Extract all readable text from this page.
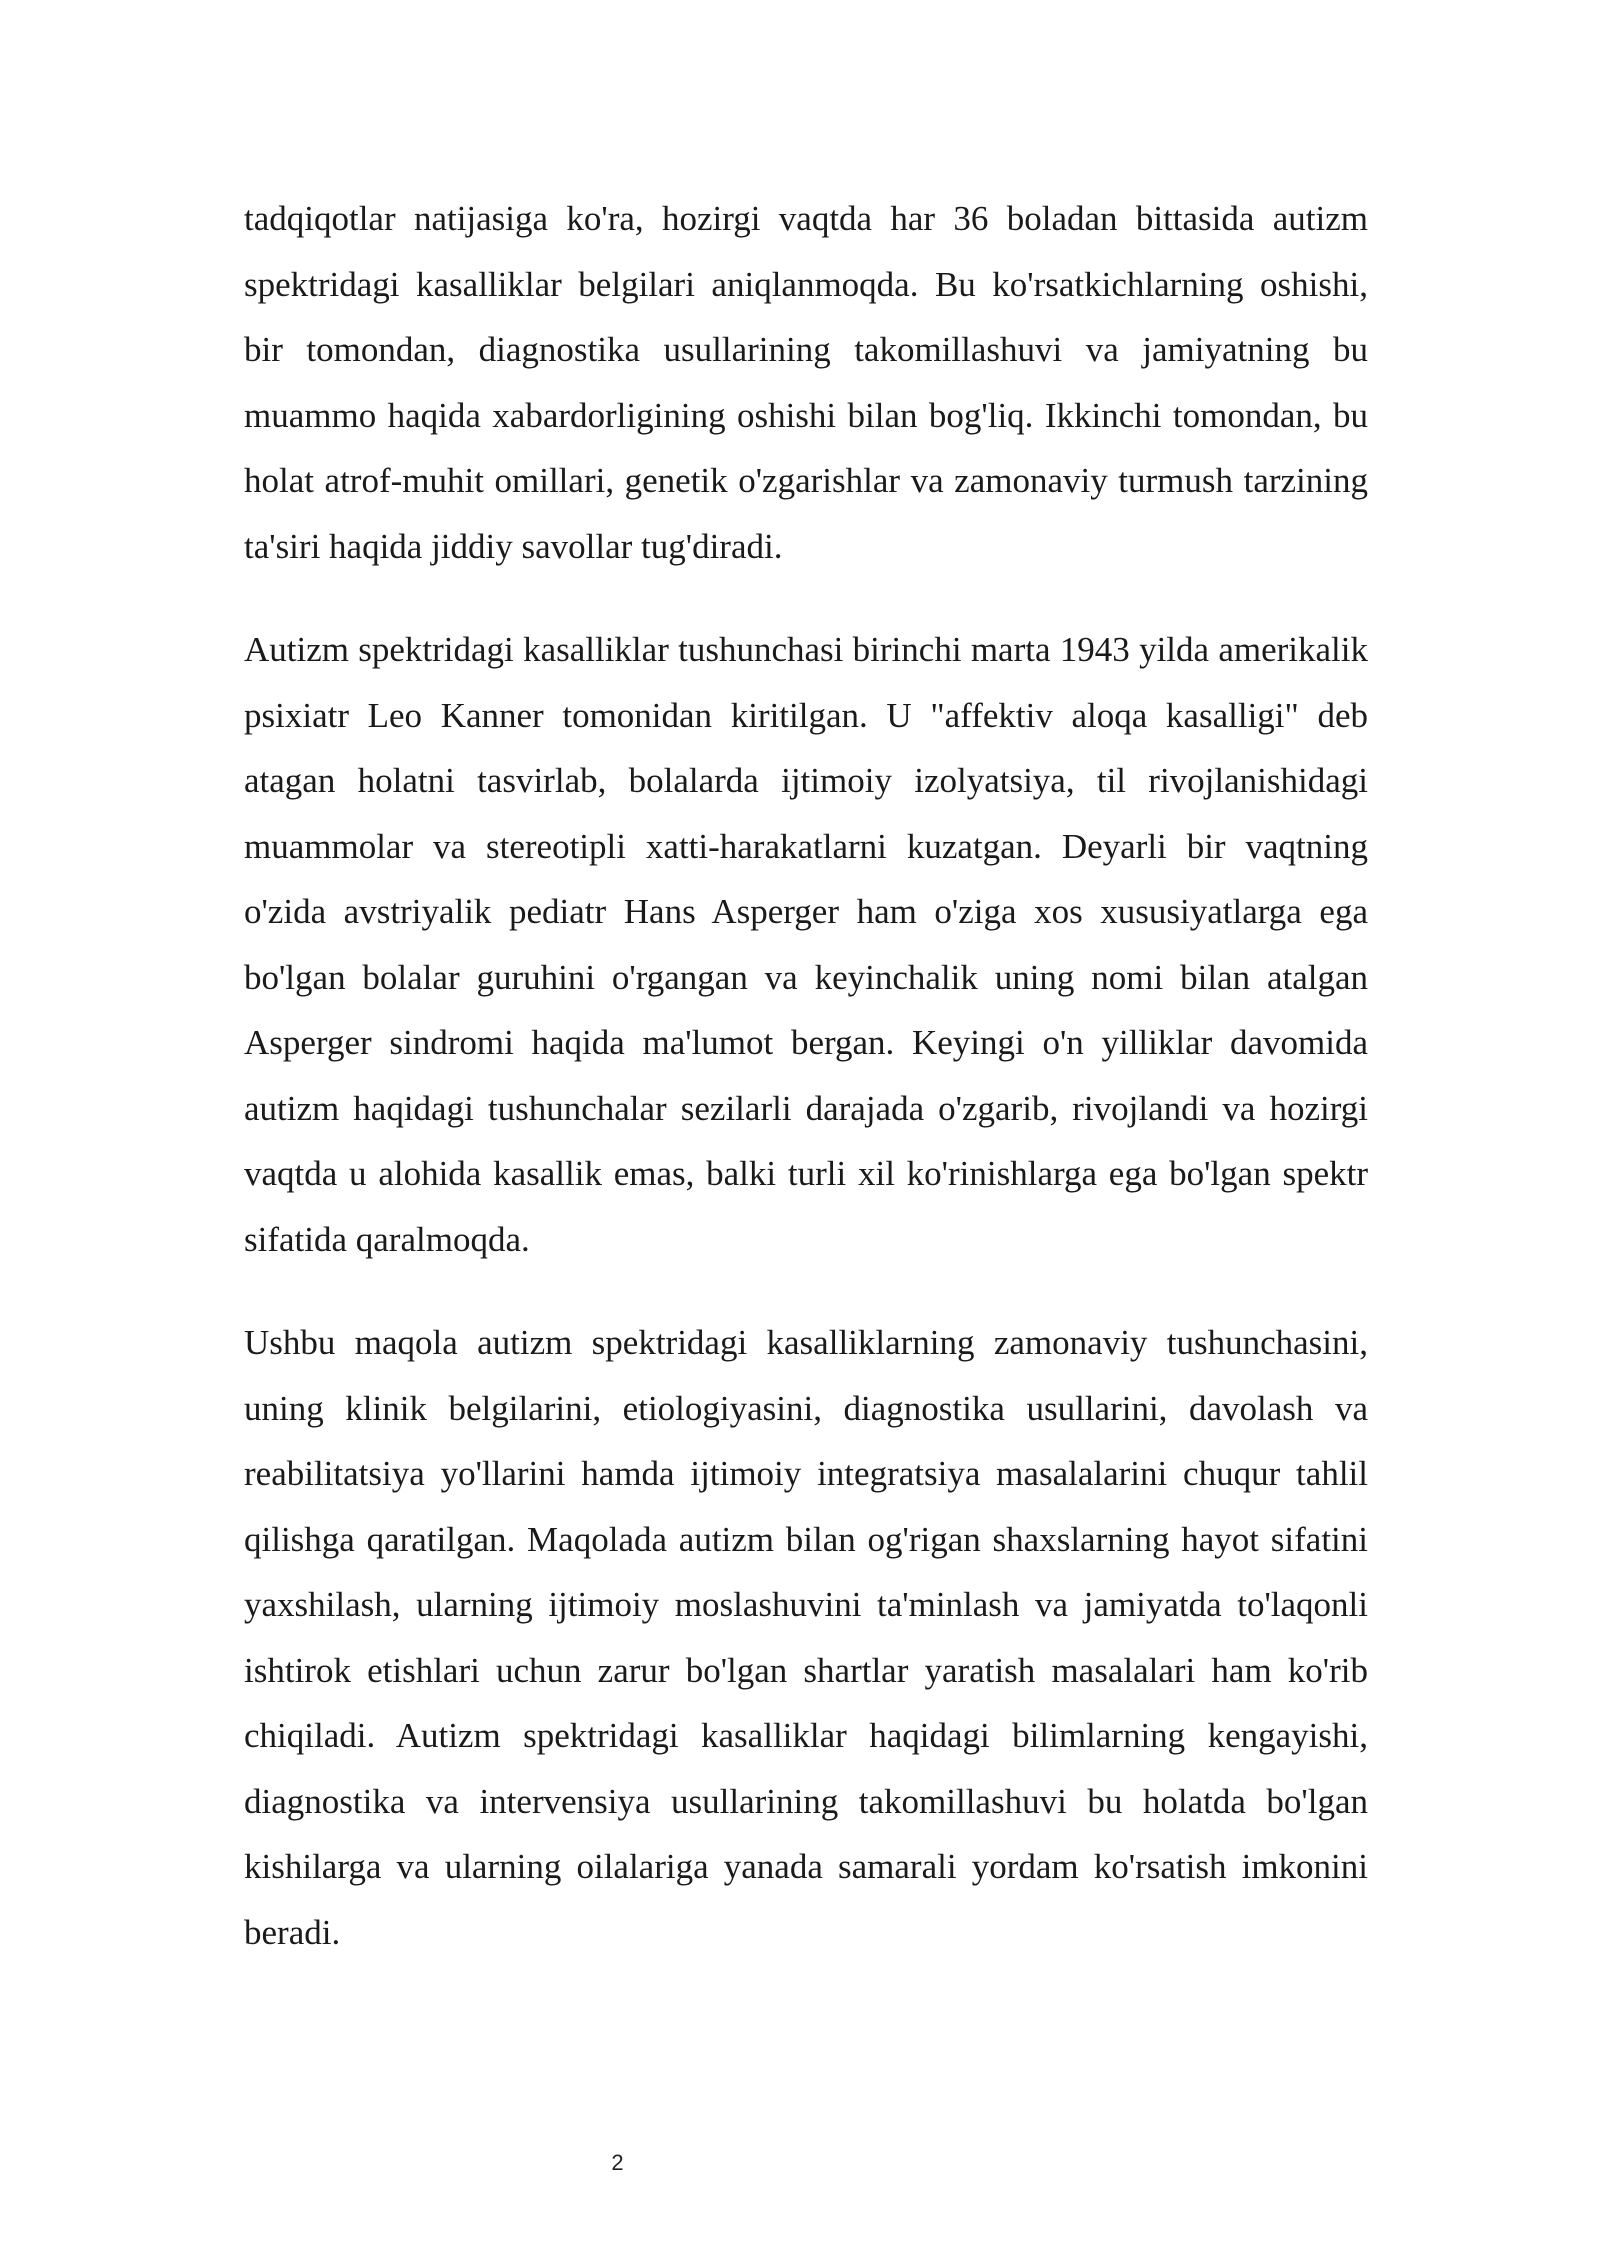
tadqiqotlar natijasiga ko'ra, hozirgi vaqtda har 36 boladan bittasida autizm spektridagi kasalliklar belgilari aniqlanmoqda. Bu ko'rsatkichlarning oshishi, bir tomondan, diagnostika usullarining takomillashuvi va jamiyatning bu muammo haqida xabardorligining oshishi bilan bog'liq. Ikkinchi tomondan, bu holat atrof-muhit omillari, genetik o'zgarishlar va zamonaviy turmush tarzining ta'siri haqida jiddiy savollar tug'diradi.

Autizm spektridagi kasalliklar tushunchasi birinchi marta 1943 yilda amerikalik psixiatr Leo Kanner tomonidan kiritilgan. U "affektiv aloqa kasalligi" deb atagan holatni tasvirlab, bolalarda ijtimoiy izolyatsiya, til rivojlanishidagi muammolar va stereotipli xatti-harakatlarni kuzatgan. Deyarli bir vaqtning o'zida avstriyalik pediatr Hans Asperger ham o'ziga xos xususiyatlarga ega bo'lgan bolalar guruhini o'rgangan va keyinchalik uning nomi bilan atalgan Asperger sindromi haqida ma'lumot bergan. Keyingi o'n yilliklar davomida autizm haqidagi tushunchalar sezilarli darajada o'zgarib, rivojlandi va hozirgi vaqtda u alohida kasallik emas, balki turli xil ko'rinishlarga ega bo'lgan spektr sifatida qaralmoqda.

Ushbu maqola autizm spektridagi kasalliklarning zamonaviy tushunchasini, uning klinik belgilarini, etiologiyasini, diagnostika usullarini, davolash va reabilitatsiya yo'llarini hamda ijtimoiy integratsiya masalalarini chuqur tahlil qilishga qaratilgan. Maqolada autizm bilan og'rigan shaxslarning hayot sifatini yaxshilash, ularning ijtimoiy moslashuvini ta'minlash va jamiyatda to'laqonli ishtirok etishlari uchun zarur bo'lgan shartlar yaratish masalalari ham ko'rib chiqiladi. Autizm spektridagi kasalliklar haqidagi bilimlarning kengayishi, diagnostika va intervensiya usullarining takomillashuvi bu holatda bo'lgan kishilarga va ularning oilalariga yanada samarali yordam ko'rsatish imkonini beradi.

2
